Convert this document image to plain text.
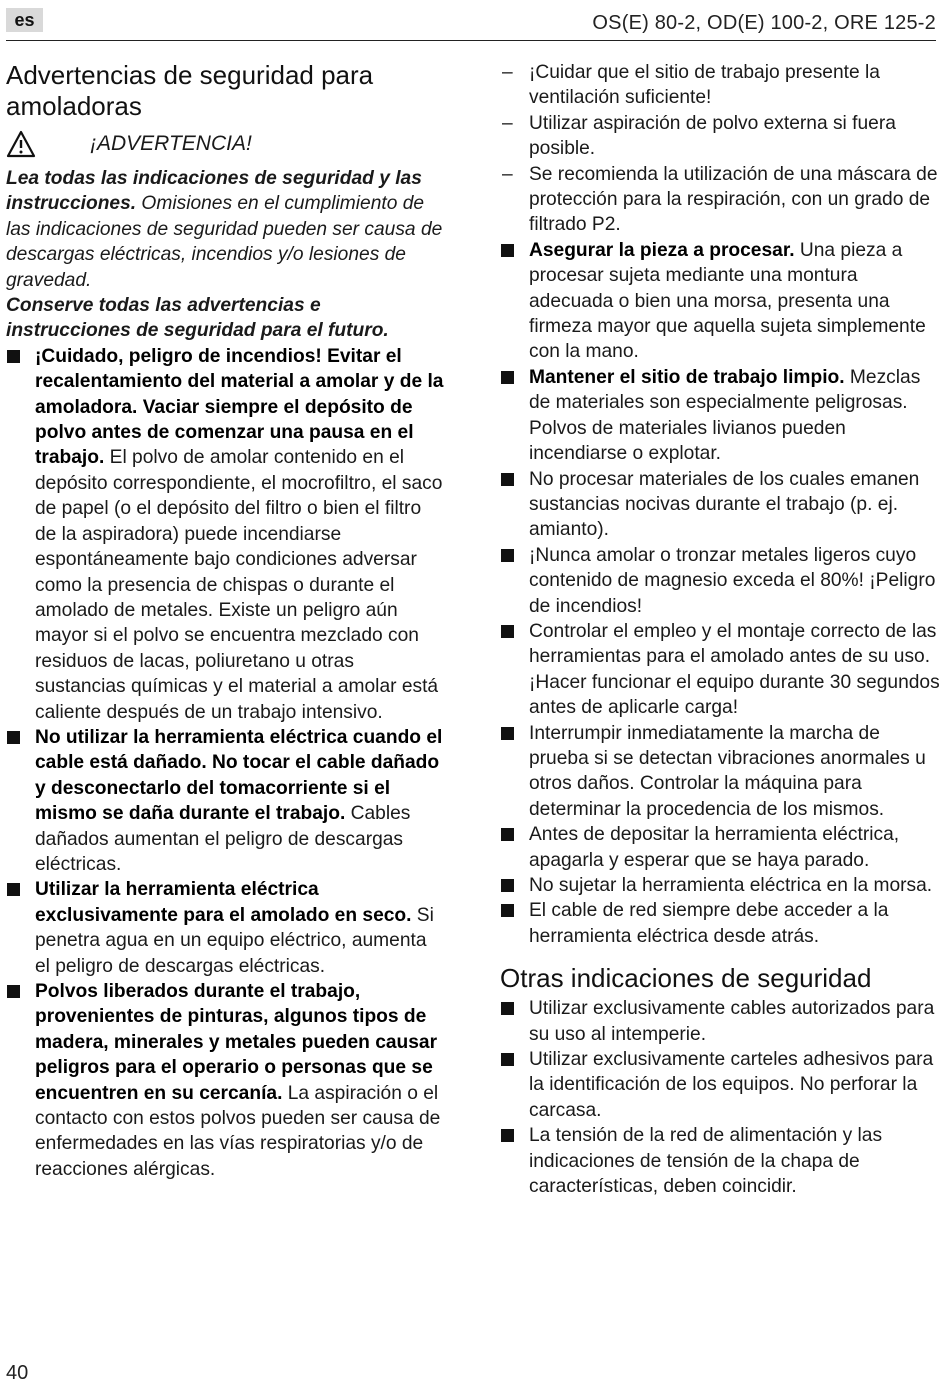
es	OS(E) 80-2, OD(E) 100-2, ORE 125-2
Advertencias de seguridad para amoladoras
¡ADVERTENCIA!

Lea todas las indicaciones de seguridad y las instrucciones. Omisiones en el cumplimiento de las indicaciones de seguridad pueden ser causa de descargas eléctricas, incendios y/o lesiones de gravedad.

Conserve todas las advertencias e instrucciones de seguridad para el futuro.

¡Cuidado, peligro de incendios! Evitar el recalentamiento del material a amolar y de la amoladora. Vaciar siempre el depósito de polvo antes de comenzar una pausa en el trabajo. El polvo de amolar contenido en el depósito correspondiente, el mocrofiltro, el saco de papel (o el depósito del filtro o bien el filtro de la aspiradora) puede incendiarse espontáneamente bajo condiciones adversar como la presencia de chispas o durante el amolado de metales. Existe un peligro aún mayor si el polvo se encuentra mezclado con residuos de lacas, poliuretano u otras sustancias químicas y el material a amolar está caliente después de un trabajo intensivo.
No utilizar la herramienta eléctrica cuando el cable está dañado. No tocar el cable dañado y desconectarlo del tomacorriente si el mismo se daña durante el trabajo. Cables dañados aumentan el peligro de descargas eléctricas.
Utilizar la herramienta eléctrica exclusivamente para el amolado en seco. Si penetra agua en un equipo eléctrico, aumenta el peligro de descargas eléctricas.
Polvos liberados durante el trabajo, provenientes de pinturas, algunos tipos de madera, minerales y metales pueden causar peligros para el operario o personas que se encuentren en su cercanía. La aspiración o el contacto con estos polvos pueden ser causa de enfermedades en las vías respiratorias y/o de reacciones alérgicas.
– ¡Cuidar que el sitio de trabajo presente la ventilación suficiente!
– Utilizar aspiración de polvo externa si fuera posible.
– Se recomienda la utilización de una máscara de protección para la respiración, con un grado de filtrado P2.
Asegurar la pieza a procesar. Una pieza a procesar sujeta mediante una montura adecuada o bien una morsa, presenta una firmeza mayor que aquella sujeta simplemente con la mano.
Mantener el sitio de trabajo limpio. Mezclas de materiales son especialmente peligrosas. Polvos de materiales livianos pueden incendiarse o explotar.
No procesar materiales de los cuales emanen sustancias nocivas durante el trabajo (p. ej. amianto).
¡Nunca amolar o tronzar metales ligeros cuyo contenido de magnesio exceda el 80%! ¡Peligro de incendios!
Controlar el empleo y el montaje correcto de las herramientas para el amolado antes de su uso. ¡Hacer funcionar el equipo durante 30 segundos antes de aplicarle carga!
Interrumpir inmediatamente la marcha de prueba si se detectan vibraciones anormales u otros daños. Controlar la máquina para determinar la procedencia de los mismos.
Antes de depositar la herramienta eléctrica, apagarla y esperar que se haya parado.
No sujetar la herramienta eléctrica en la morsa.
El cable de red siempre debe acceder a la herramienta eléctrica desde atrás.
Otras indicaciones de seguridad
Utilizar exclusivamente cables autorizados para su uso al intemperie.
Utilizar exclusivamente carteles adhesivos para la identificación de los equipos. No perforar la carcasa.
La tensión de la red de alimentación y las indicaciones de tensión de la chapa de características, deben coincidir.
40
